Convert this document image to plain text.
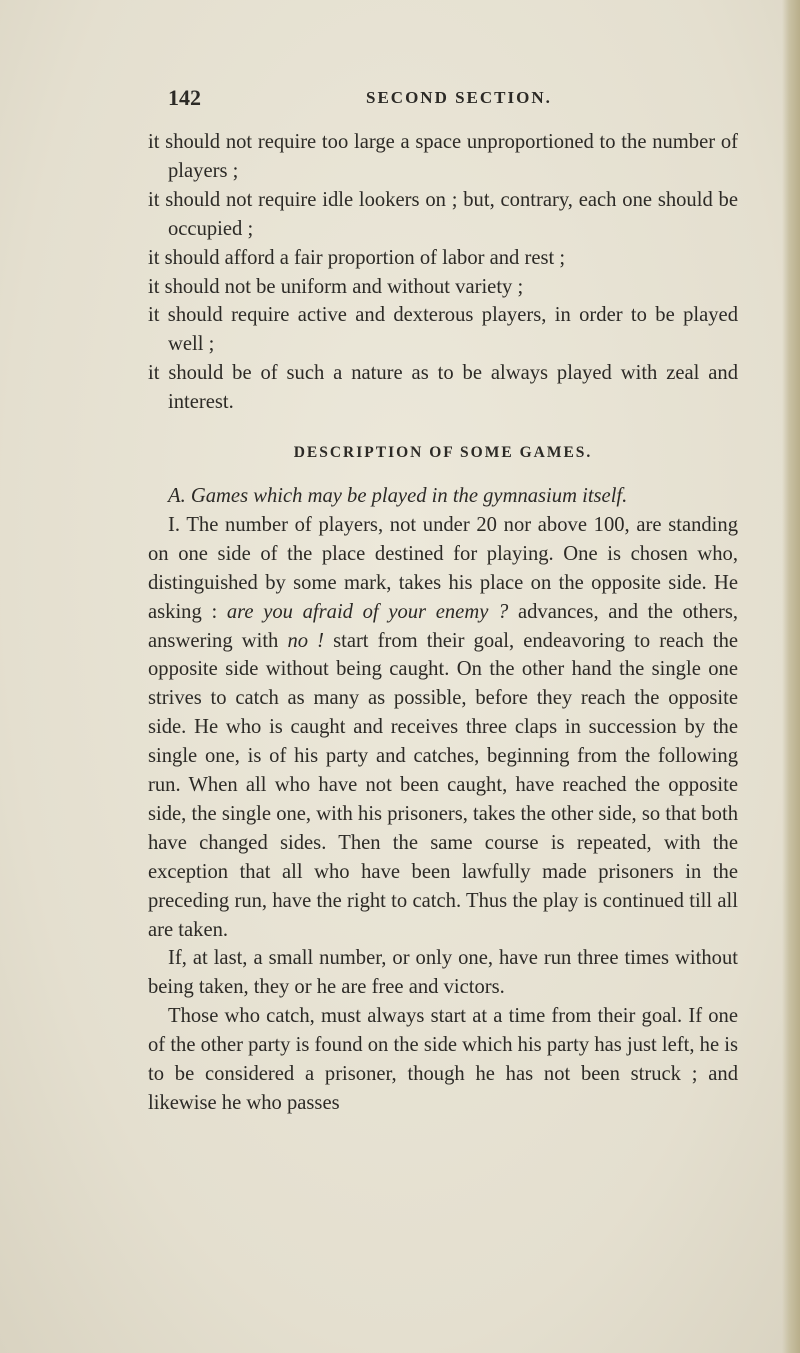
142	SECOND SECTION.
it should not require too large a space unproportioned to the number of players ;
it should not require idle lookers on ; but, contrary, each one should be occupied ;
it should afford a fair proportion of labor and rest ;
it should not be uniform and without variety ;
it should require active and dexterous players, in order to be played well ;
it should be of such a nature as to be always played with zeal and interest.
DESCRIPTION OF SOME GAMES.
A. Games which may be played in the gymnasium itself.
I. The number of players, not under 20 nor above 100, are standing on one side of the place destined for playing. One is chosen who, distinguished by some mark, takes his place on the opposite side. He asking : are you afraid of your enemy ? advances, and the others, answering with no ! start from their goal, endeavoring to reach the opposite side without being caught. On the other hand the single one strives to catch as many as possible, before they reach the opposite side. He who is caught and receives three claps in succession by the single one, is of his party and catches, beginning from the following run. When all who have not been caught, have reached the opposite side, the single one, with his prisoners, takes the other side, so that both have changed sides. Then the same course is repeated, with the exception that all who have been lawfully made prisoners in the preceding run, have the right to catch. Thus the play is continued till all are taken.
If, at last, a small number, or only one, have run three times without being taken, they or he are free and victors.
Those who catch, must always start at a time from their goal. If one of the other party is found on the side which his party has just left, he is to be considered a prisoner, though he has not been struck ; and likewise he who passes
